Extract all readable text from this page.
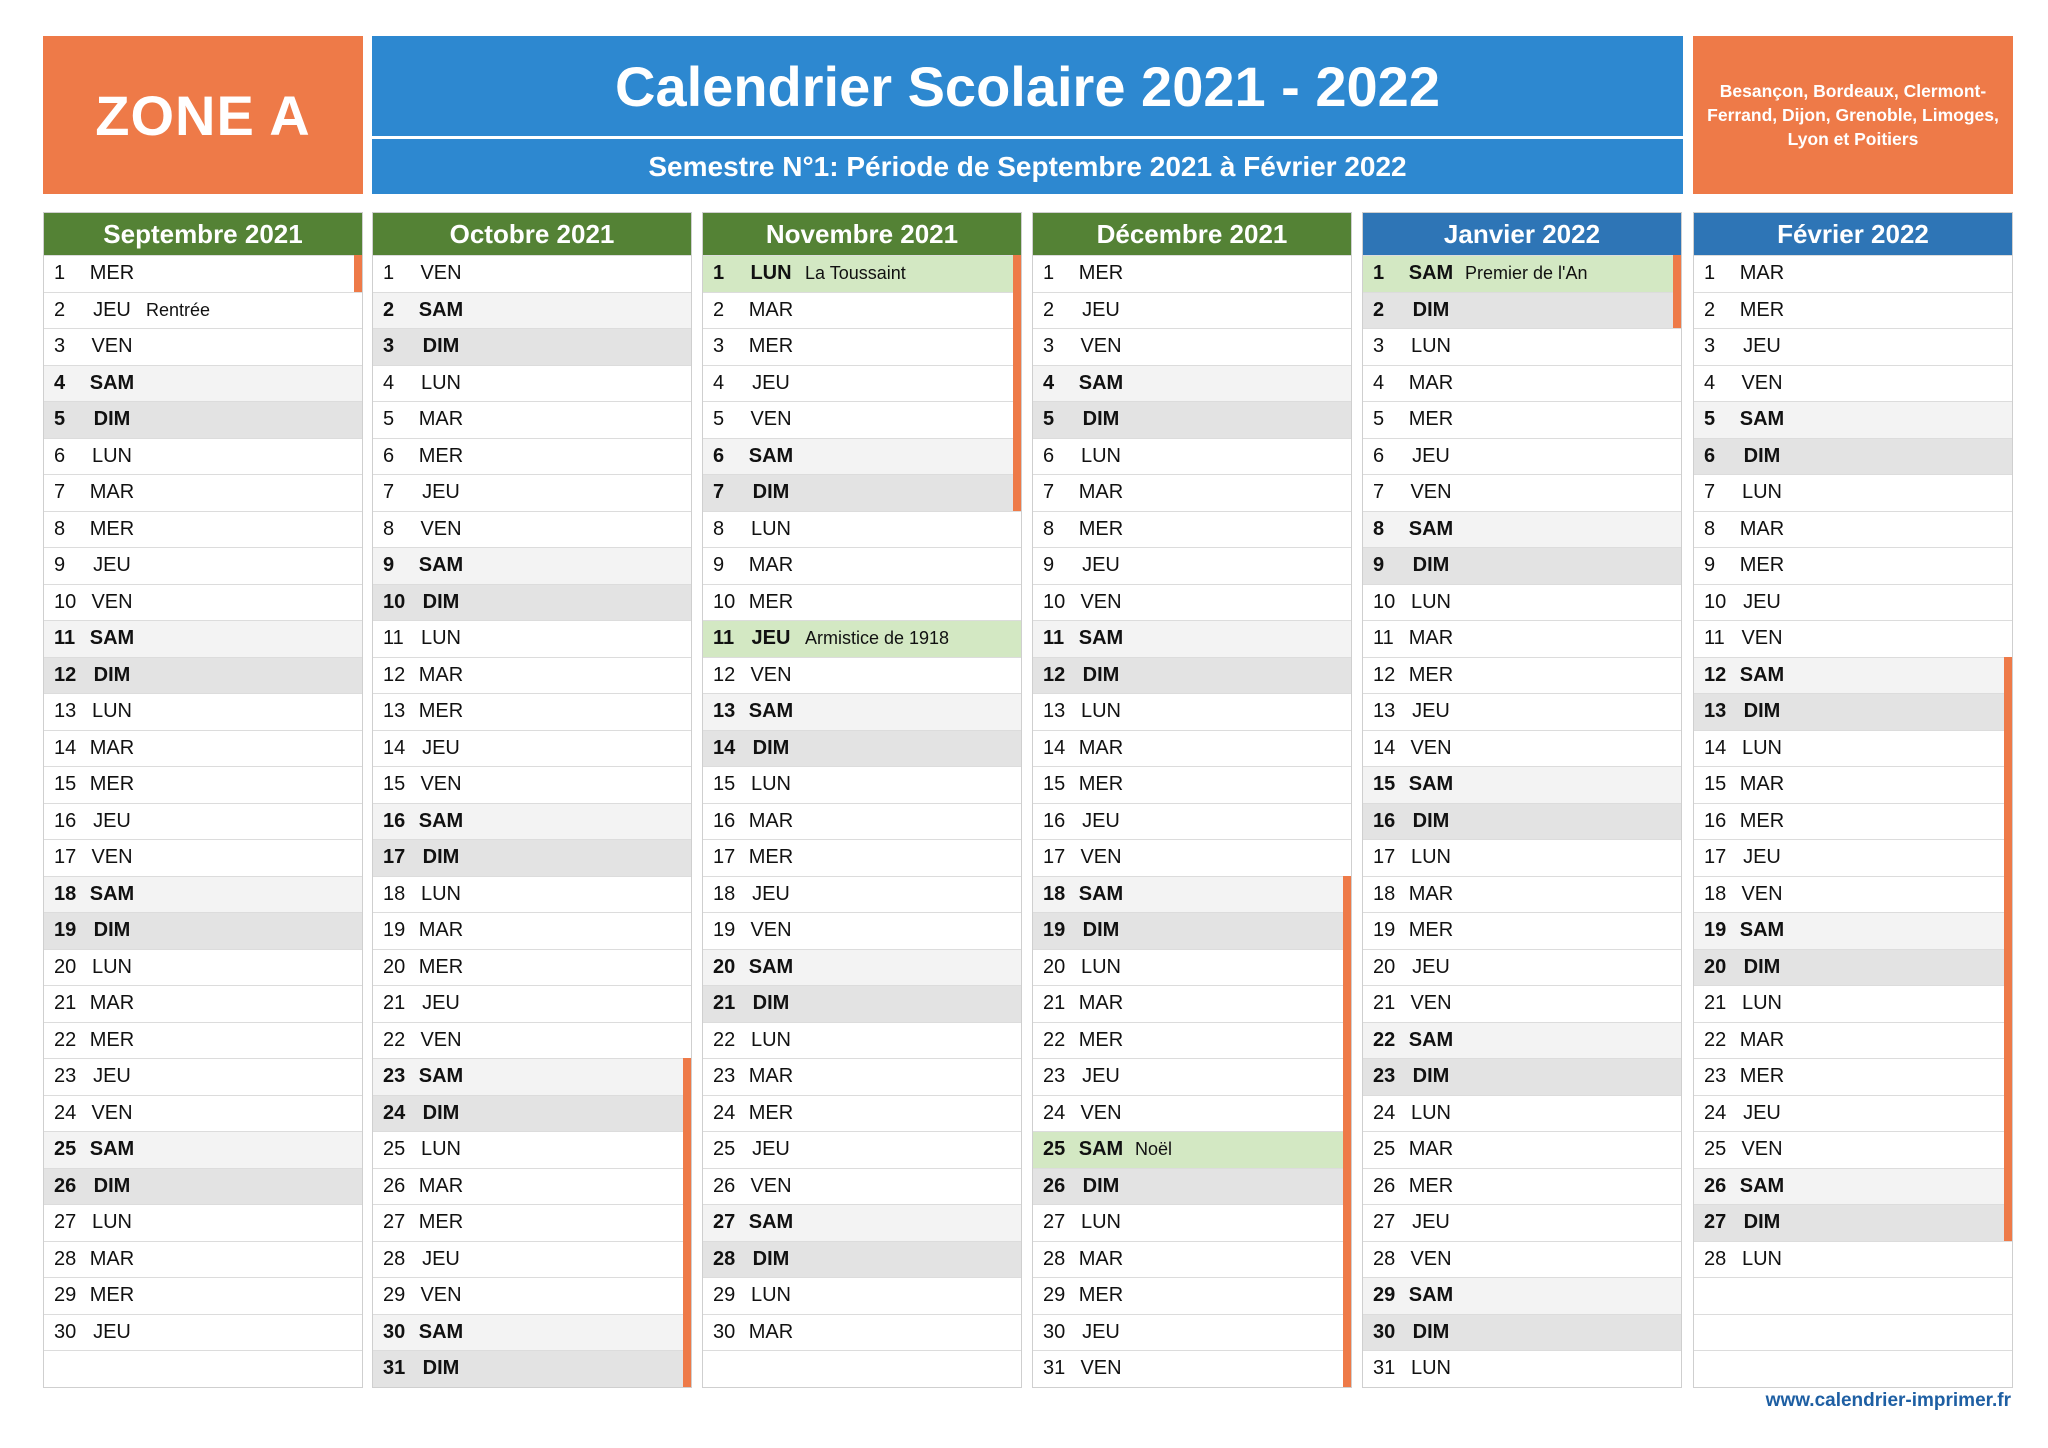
ZONE A	Calendrier Scolaire 2021 - 2022
Semestre N°1: Période de Septembre 2021 à Février 2022
Besançon, Bordeaux, Clermont-Ferrand, Dijon, Grenoble, Limoges, Lyon et Poitiers
Septembre 2021
1	MER
2	JEU Rentrée
3	VEN
4	SAM
5	DIM
6	LUN
7	MAR
8	MER
9	JEU
10 VEN
11 SAM
12 DIM
13 LUN
14 MAR
15 MER
16 JEU
17 VEN
18 SAM
19 DIM
20 LUN
21 MAR
22 MER
23 JEU
24 VEN
25 SAM
26 DIM
27 LUN
28 MAR
29 MER
30 JEU
Octobre 2021
1	VEN
2	SAM
3	DIM
4	LUN
5	MAR
6	MER
7	JEU
8	VEN
9	SAM
10 DIM
11 LUN
12 MAR
13 MER
14 JEU
15 VEN
16 SAM
17 DIM
18 LUN
19 MAR
20 MER
21 JEU
22 VEN
23 SAM
24 DIM
25 LUN
26 MAR
27 MER
28 JEU
29 VEN
30 SAM
31 DIM
Novembre 2021
1	LUN La Toussaint
2	MAR
3	MER
4	JEU
5	VEN
6	SAM
7	DIM
8	LUN
9	MAR
10 MER
11 JEU Armistice de 1918
12 VEN
13 SAM
14 DIM
15 LUN
16 MAR
17 MER
18 JEU
19 VEN
20 SAM
21 DIM
22 LUN
23 MAR
24 MER
25 JEU
26 VEN
27 SAM
28 DIM
29 LUN
30 MAR
Décembre 2021
1	MER
2	JEU
3	VEN
4	SAM
5	DIM
6	LUN
7	MAR
8	MER
9	JEU
10 VEN
11 SAM
12 DIM
13 LUN
14 MAR
15 MER
16 JEU
17 VEN
18 SAM
19 DIM
20 LUN
21 MAR
22 MER
23 JEU
24 VEN
25 SAM Noël
26 DIM
27 LUN
28 MAR
29 MER
30 JEU
31 VEN
Janvier 2022
1	SAM Premier de l'An
2	DIM
3	LUN
4	MAR
5	MER
6	JEU
7	VEN
8	SAM
9	DIM
10 LUN
11 MAR
12 MER
13 JEU
14 VEN
15 SAM
16 DIM
17 LUN
18 MAR
19 MER
20 JEU
21 VEN
22 SAM
23 DIM
24 LUN
25 MAR
26 MER
27 JEU
28 VEN
29 SAM
30 DIM
31 LUN
Février 2022
1	MAR
2	MER
3	JEU
4	VEN
5	SAM
6	DIM
7	LUN
8	MAR
9	MER
10 JEU
11 VEN
12 SAM
13 DIM
14 LUN
15 MAR
16 MER
17 JEU
18 VEN
19 SAM
20 DIM
21 LUN
22 MAR
23 MER
24 JEU
25 VEN
26 SAM
27 DIM
28 LUN
www.calendrier-imprimer.fr
